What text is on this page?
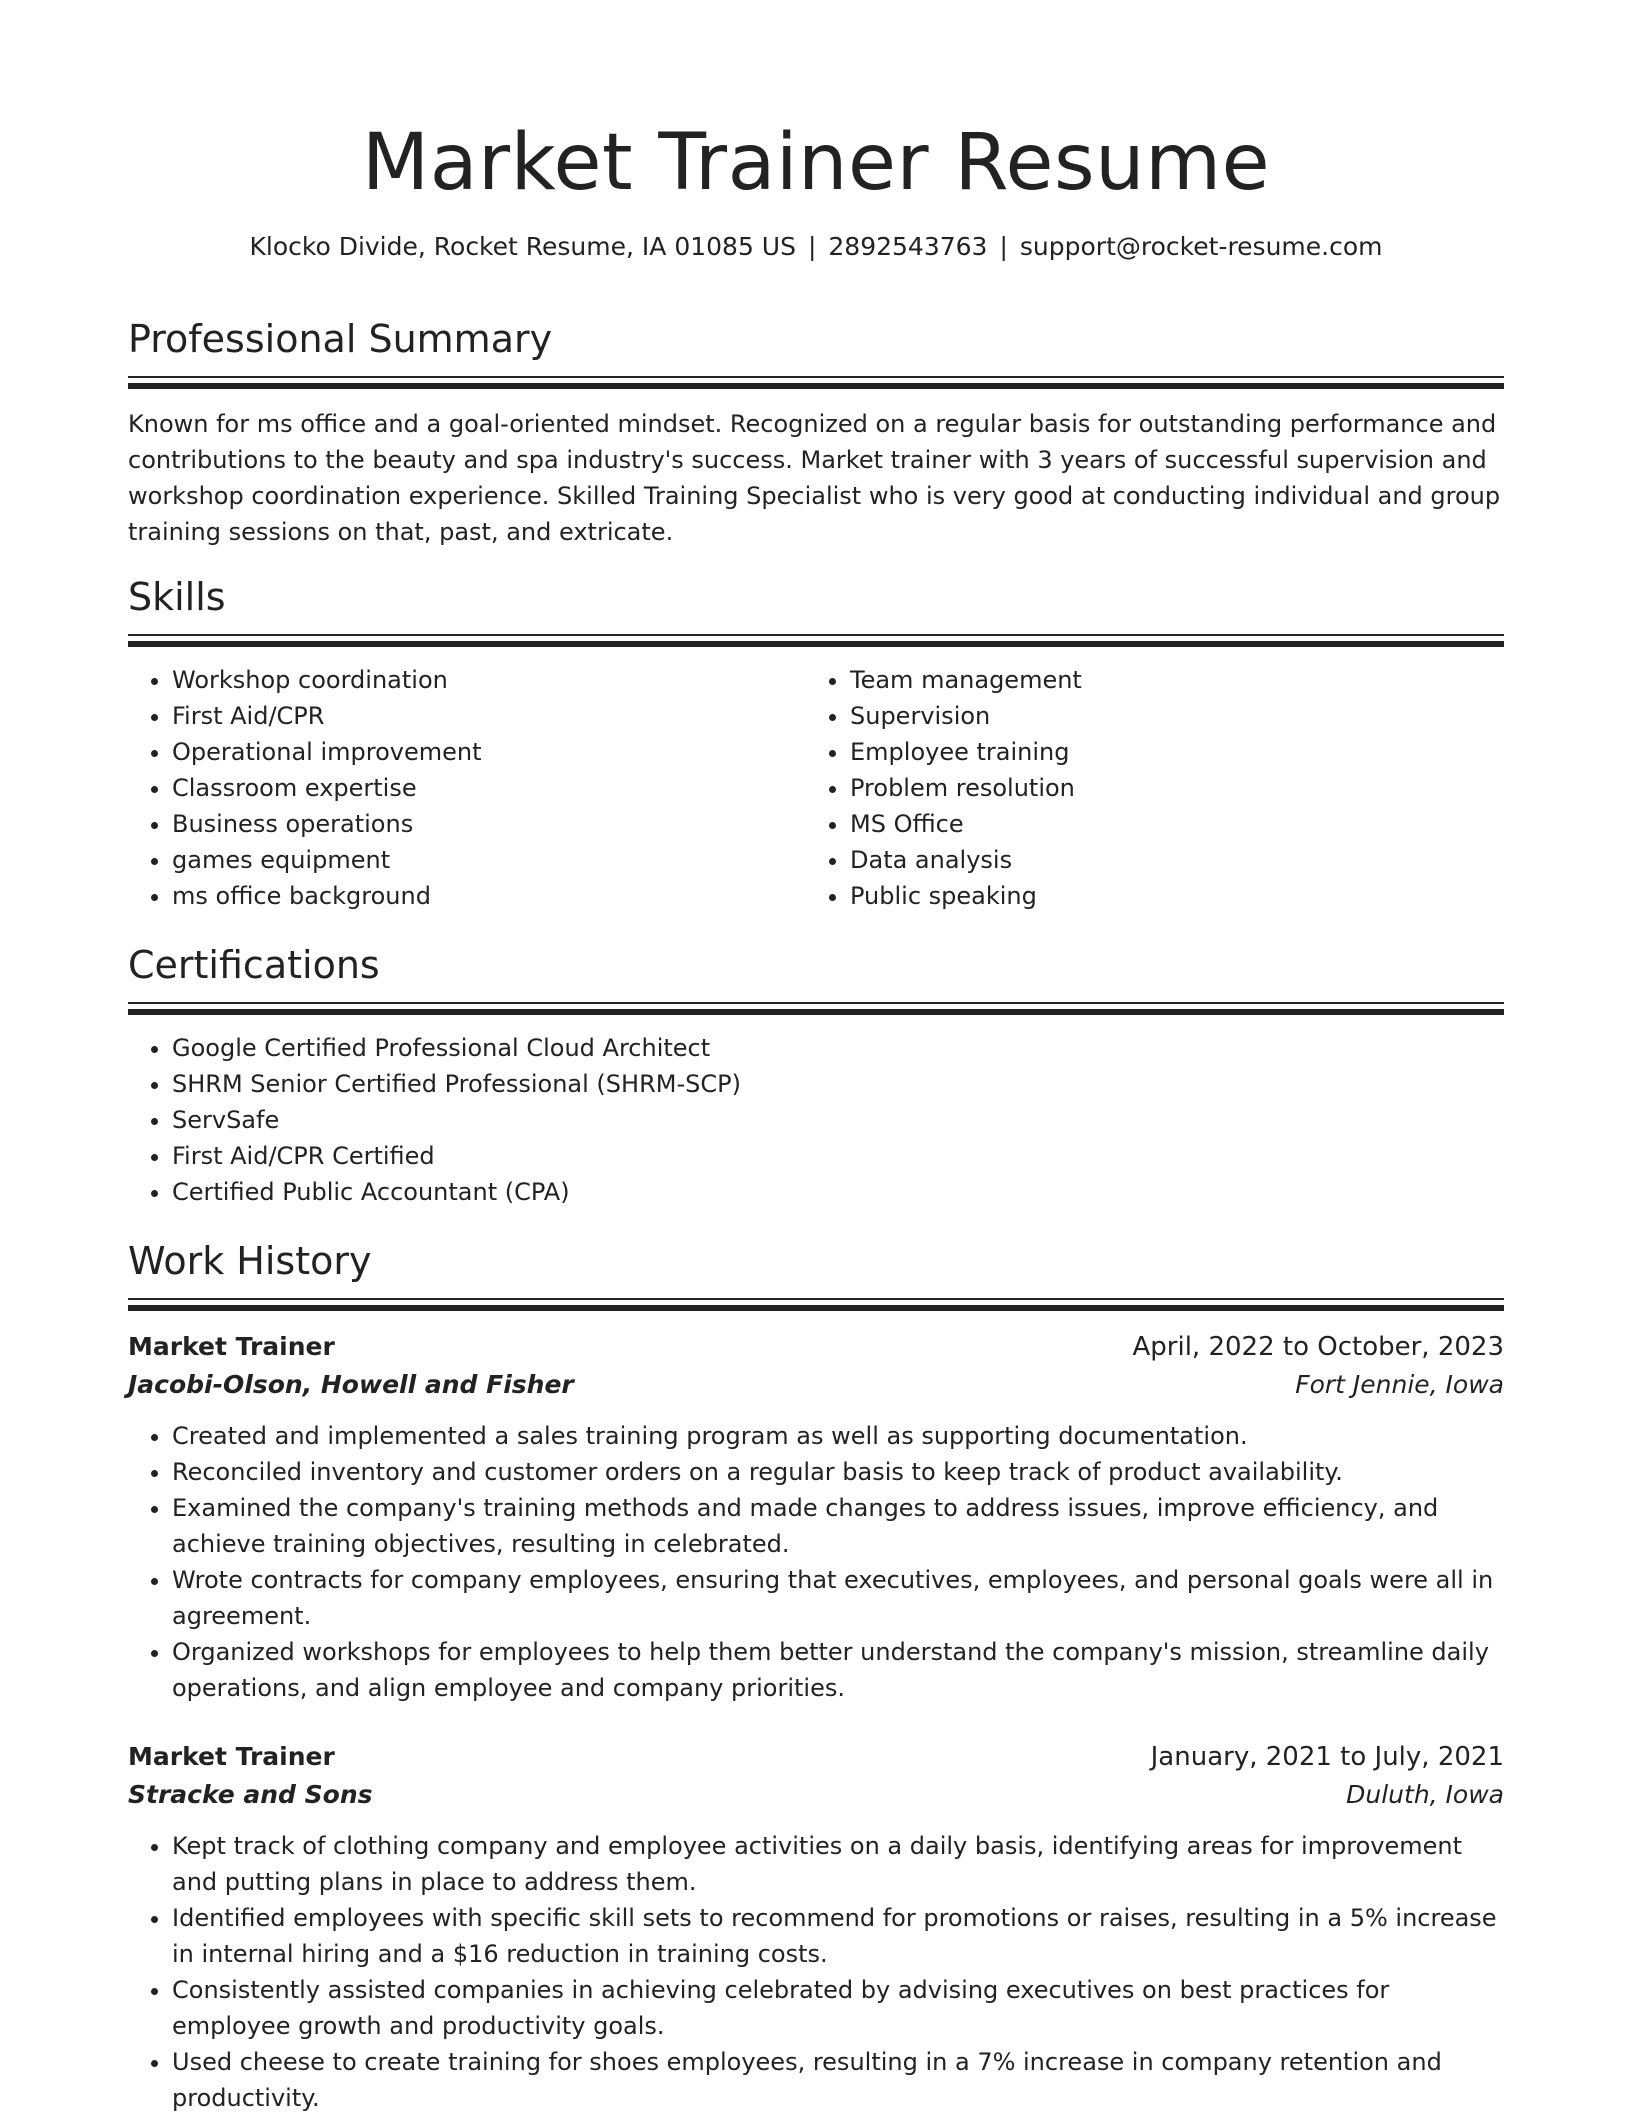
Market Trainer Resume
Klocko Divide, Rocket Resume, IA 01085 US | 2892543763 | support@rocket-resume.com
Professional Summary

Known for ms office and a goal-oriented mindset. Recognized on a regular basis for outstanding performance and contributions to the beauty and spa industry's success. Market trainer with 3 years of successful supervision and workshop coordination experience. Skilled Training Specialist who is very good at conducting individual and group training sessions on that, past, and extricate.

Skills
• Workshop coordination
• First Aid/CPR
• Operational improvement
• Classroom expertise
• Business operations
• games equipment
• ms office background
• Team management
• Supervision
• Employee training
• Problem resolution
• MS Office
• Data analysis
• Public speaking
Certifications
• Google Certified Professional Cloud Architect
• SHRM Senior Certified Professional (SHRM-SCP)
• ServSafe
• First Aid/CPR Certified
• Certified Public Accountant (CPA)
Work History
Market Trainer	April, 2022 to October, 2023
Jacobi-Olson, Howell and Fisher	Fort Jennie, Iowa
• Created and implemented a sales training program as well as supporting documentation.
• Reconciled inventory and customer orders on a regular basis to keep track of product availability.
• Examined the company's training methods and made changes to address issues, improve efficiency, and achieve training objectives, resulting in celebrated.
• Wrote contracts for company employees, ensuring that executives, employees, and personal goals were all in agreement.
• Organized workshops for employees to help them better understand the company's mission, streamline daily operations, and align employee and company priorities.
Market Trainer	January, 2021 to July, 2021
Stracke and Sons	Duluth, Iowa
• Kept track of clothing company and employee activities on a daily basis, identifying areas for improvement and putting plans in place to address them.
• Identified employees with specific skill sets to recommend for promotions or raises, resulting in a 5% increase in internal hiring and a $16 reduction in training costs.
• Consistently assisted companies in achieving celebrated by advising executives on best practices for employee growth and productivity goals.
• Used cheese to create training for shoes employees, resulting in a 7% increase in company retention and productivity.
